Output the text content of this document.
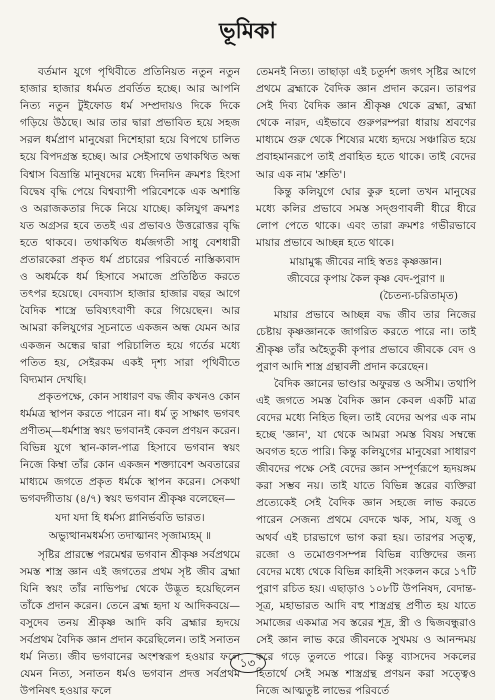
ভূমিকা

বর্তমান যুগে পৃথিবীতে প্রতিনিয়ত নতুন নতুন হাজার হাজার ধর্মমত প্রবর্তিত হচ্ছে। আর আপনি নিত্য নতুন টুইফোড ধর্ম সম্প্রদায়ও দিকে দিকে গড়িয়ে উঠছে। আর তার দ্বারা প্রভাবিত হয়ে সহজ সরল ধর্মপ্রাণ মানুষেরা দিশেহারা হয়ে বিপথে চালিত হয়ে বিপদগ্রস্ত হচ্ছে। আর সেইসাথে তথাকথিত অন্ধ বিশ্বাস বিভ্রান্তি মানুষদের মধ্যে দিনদিন ক্রমশঃ হিংসা বিদ্বেষ বৃদ্ধি পেয়ে বিশ্বব্যাপী পরিবেশকে এক অশান্তি ও অরাজকতার দিকে নিয়ে যাচ্ছে। কলিযুগ ক্রমশঃ যত অগ্রসর হবে ততই এর প্রভাবও উত্তরোত্তর বৃদ্ধি হতে থাকবে। তথাকথিত ধর্মজগতী সাধু বেশধারী প্রতারকেরা প্রকৃত ধর্ম প্রচারের পরিবর্তে নাস্তিক্যবাদ ও অধর্মকে ধর্ম হিসাবে সমাজে প্রতিষ্ঠিত করতে তৎপর হয়েছে। বেদব্যাস হাজার হাজার বছর আগে বৈদিক শাস্ত্রে ভবিষ্যৎবাণী করে গিয়েছেন। আর আমরা কলিযুগের সূচনাতে একজন অন্ধ যেমন আর একজন অন্ধের দ্বারা পরিচালিত হয়ে গর্তের মধ্যে পতিত হয়, সেইরকম একই দৃশ্য সারা পৃথিবীতে বিদ্যমান দেখছি।

প্রকৃতপক্ষে, কোন সাধারণ বদ্ধ জীব কখনও কোন ধর্মমত্র স্থাপন করতে পারেন না। ধর্ম তু সাক্ষাৎ ভগবৎ প্রণীতম্—ধর্মশাস্ত্র স্বয়ং ভগবানই কেবল প্রণয়ন করেন। বিভিন্ন যুগে স্থান-কাল-পাত্র হিসাবে ভগবান স্বয়ং নিজে কিম্বা তাঁর কোন একজন শক্ত্যাবেশ অবতারের মাধ্যমে জগতে প্রকৃত ধর্মকে স্থাপন করেন। সেকথা ভগবদ্গীতায় (৪/৭) স্বয়ং ভগবান শ্রীকৃষ্ণ বলেছেন—

যদা যদা হি ধর্মস্য গ্লানির্ভবতি ভারত।
অভ্যুত্থানমধর্মস্য তদাত্মানং সৃজাম্যহম্ ॥

সৃষ্টির প্রারম্ভে পরমেশ্বর ভগবান শ্রীকৃষ্ণ সর্বপ্রথমে সমস্ত শাস্ত্র জ্ঞান এই জগতের প্রথম সৃষ্ট জীব ব্রহ্মা যিনি স্বয়ং তাঁর নাভিপদ্ম থেকে উদ্ভূত হয়েছিলেন তাঁকে প্রদান করেন। তেনে ব্রহ্ম হৃদা য আদিকবয়ে—বসুদেব তনয় শ্রীকৃষ্ণ আদি কবি ব্রহ্মার হৃদয়ে সর্বপ্রথম বৈদিক জ্ঞান প্রদান করেছিলেন। তাই সনাতন ধর্ম নিত্য। জীব ভগবানের অংশস্বরূপ হওয়ার ফলে যেমন নিত্য, সনাতন ধর্মও ভগবান প্রদত্ত সর্বপ্রথম উপনিষৎ হওয়ার ফলে

তেমনই নিত্য। তাছাড়া এই চতুর্দশ জগৎ সৃষ্টির আগে প্রথমে ব্রহ্মাকে বৈদিক জ্ঞান প্রদান করেন। তারপর সেই দিব্য বৈদিক জ্ঞান শ্রীকৃষ্ণ থেকে ব্রহ্মা, ব্রহ্মা থেকে নারদ, এইভাবে গুরুপরম্পরা ধারায় শ্রবণের মাধ্যমে গুরু থেকে শিষ্যের মধ্যে হৃদয়ে সঞ্চারিত হয়ে প্রবাহমানরূপে তাই প্রবাহিত হতে থাকে। তাই বেদের আর এক নাম 'শ্রুতি'।

কিন্তু কলিযুগে ঘোর কুরু হলো তখন মানুষের মধ্যে কলির প্রভাবে সমস্ত সদ্গুণাবলী ধীরে ধীরে লোপ পেতে থাকে। এবং তারা ক্রমশঃ গভীরভাবে মায়ার প্রভাবে আচ্ছন্ন হতে থাকে।

মায়ামুগ্ধ জীবের নাহি স্বতঃ কৃষ্ণজ্ঞান।
জীবেরে কৃপায় কৈল কৃষ্ণ বেদ-পুরাণ ॥
(চৈতন্য-চরিতামৃত)

মায়ার প্রভাবে আচ্ছন্ন বদ্ধ জীব তার নিজের চেষ্টায় কৃষ্ণজ্ঞানকে জাগরিত করতে পারে না। তাই শ্রীকৃষ্ণ তাঁর অহৈতুকী কৃপার প্রভাবে জীবকে বেদ ও পুরাণ আদি শাস্ত্র গ্রন্থাবলী প্রদান করেছেন।

বৈদিক জ্ঞানের ভাণ্ডার অফুরন্ত ও অসীম। তথাপি এই জগতে সমস্ত বৈদিক জ্ঞান কেবল একটি মাত্র বেদের মধ্যে নিহিত ছিল। তাই বেদের অপর এক নাম হচ্ছে 'জ্ঞান', যা থেকে আমরা সমস্ত বিষয় সম্বন্ধে অবগত হতে পারি। কিন্তু কলিযুগের মানুষেরা সাধারণ জীবদের পক্ষে সেই বেদের জ্ঞান সম্পূর্ণরূপে হৃদয়ঙ্গম করা সম্ভব নয়। তাই যাতে বিভিন্ন স্তরের ব্যক্তিরা প্রত্যেকেই সেই বৈদিক জ্ঞান সহজে লাভ করতে পারেন সেজন্য প্রথমে বেদকে ঋক, সাম, যজু ও অথর্ব এই চারভাগে ভাগ করা হয়। তারপর সত্ত্ব, রজো ও তমোগুণসম্পন্ন বিভিন্ন ব্যক্তিদের জন্য বেদের মধ্যে থেকে বিভিন্ন কাহিনী সংকলন করে ১৭টি পুরাণ রচিত হয়। এছাড়াও ১০৮টি উপনিষদ, বেদান্ত-সূত্র, মহাভারত আদি বহু শাস্ত্রগ্রন্থ প্রণীত হয় যাতে সমাজের একমাত্র সব স্তরের শূদ্র, স্ত্রী ও দ্বিজবন্ধুরাও সেই জ্ঞান লাভ করে জীবনকে সুখময় ও আনন্দময় করে গড়ে তুলতে পারে। কিন্তু ব্যাসদেব সকলের হিতার্থে সেই সমস্ত শাস্ত্রগ্রন্থ প্রণয়ন করা সত্ত্বেও নিজে আত্মতুষ্ট লাভের পরিবর্তে

১৩
